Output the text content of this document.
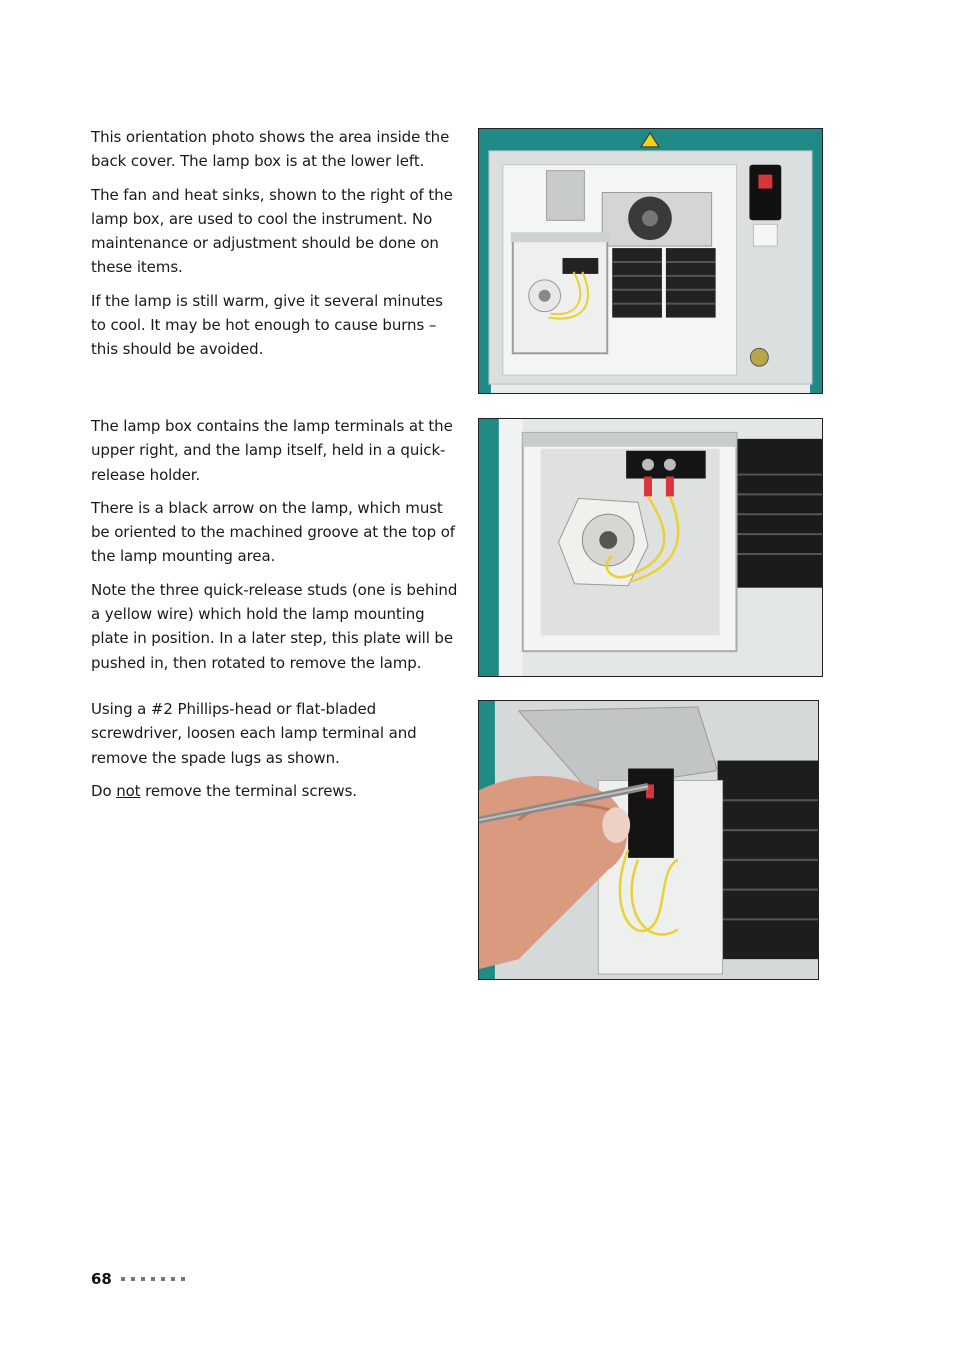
This orientation photo shows the area inside the back cover. The lamp box is at the lower left.

The fan and heat sinks, shown to the right of the lamp box, are used to cool the instrument. No maintenance or adjustment should be done on these items.

If the lamp is still warm, give it several minutes to cool. It may be hot enough to cause burns – this should be avoided.

The lamp box contains the lamp terminals at the upper right, and the lamp itself, held in a quick-release holder.

There is a black arrow on the lamp, which must be oriented to the machined groove at the top of the lamp mounting area.

Note the three quick-release studs (one is behind a yellow wire) which hold the lamp mounting plate in position. In a later step, this plate will be pushed in, then rotated to remove the lamp.

Using a #2 Phillips-head or flat-bladed screwdriver, loosen each lamp terminal and remove the spade lugs as shown.

Do not remove the terminal screws.

68
